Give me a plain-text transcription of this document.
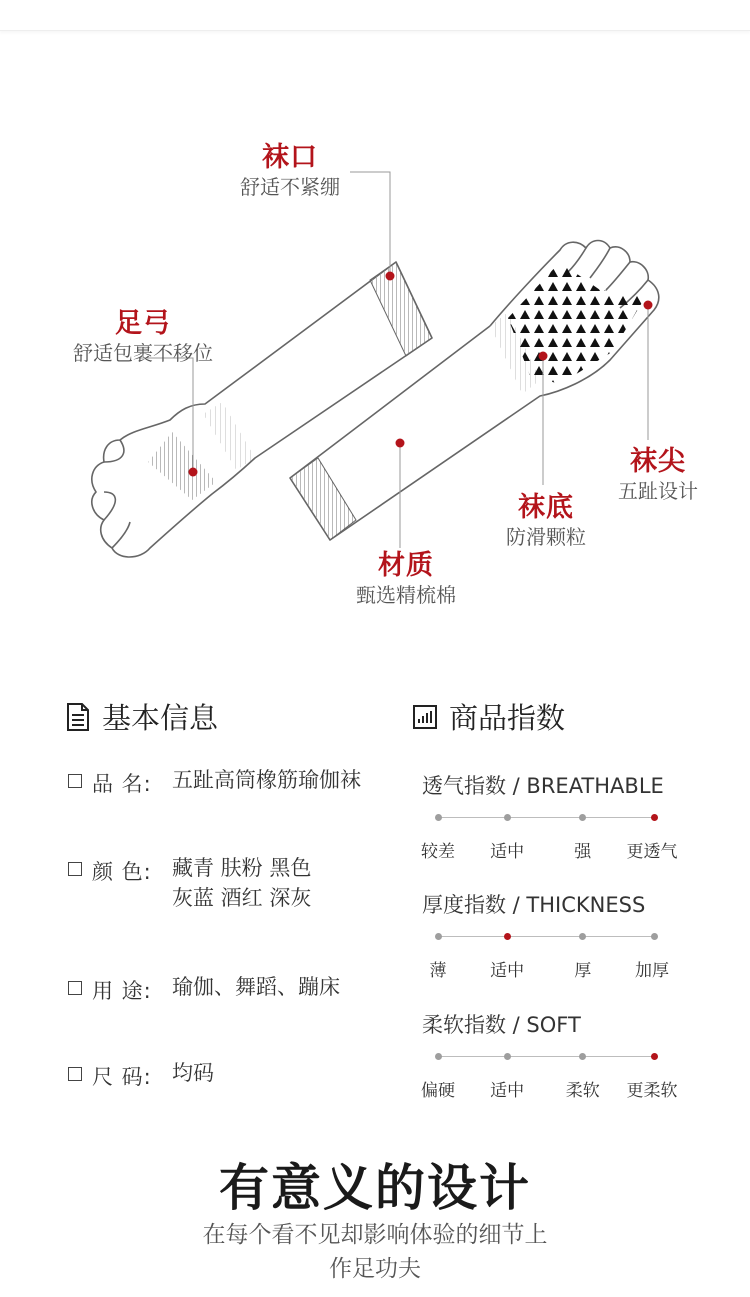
袜口
舒适不紧绷
足弓
舒适包裹不移位
袜尖
五趾设计
袜底
防滑颗粒
材质
甄选精梳棉
基本信息
品 名: 五趾高筒橡筋瑜伽袜
颜 色: 藏青 肤粉 黑色
灰蓝 酒红 深灰
用 途: 瑜伽、舞蹈、蹦床
尺 码: 均码
商品指数
透气指数 / BREATHABLE
较差 适中	强 更透气
厚度指数 / THICKNESS
薄	适中	厚	加厚
柔软指数 / SOFT
偏硬 适中 柔软 更柔软
有意义的设计
在每个看不见却影响体验的细节上
作足功夫
